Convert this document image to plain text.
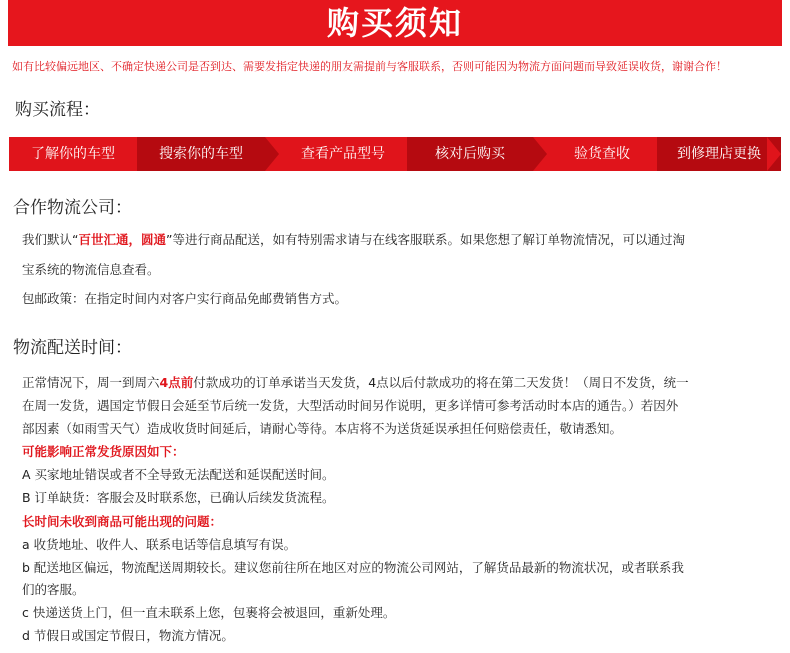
购买须知
如有比较偏远地区、不确定快递公司是否到达、需要发指定快递的朋友需提前与客服联系，否则可能因为物流方面问题而导致延误收货，谢谢合作！
购买流程：
了解你的车型	搜索你的车型	查看产品型号	核对后购买	验货查收	到修理店更换
合作物流公司：
我们默认“百世汇通，圆通”等进行商品配送，如有特别需求请与在线客服联系。如果您想了解订单物流情况，可以通过淘
宝系统的物流信息查看。
包邮政策：在指定时间内对客户实行商品免邮费销售方式。
物流配送时间：
正常情况下，周一到周六4点前付款成功的订单承诺当天发货，4点以后付款成功的将在第二天发货！（周日不发货，统一
在周一发货，遇国定节假日会延至节后统一发货，大型活动时间另作说明，更多详情可参考活动时本店的通告。）若因外
部因素（如雨雪天气）造成收货时间延后，请耐心等待。本店将不为送货延误承担任何赔偿责任，敬请悉知。
可能影响正常发货原因如下：
A 买家地址错误或者不全导致无法配送和延误配送时间。
B 订单缺货：客服会及时联系您，已确认后续发货流程。
长时间未收到商品可能出现的问题：
a 收货地址、收件人、联系电话等信息填写有误。
b 配送地区偏远，物流配送周期较长。建议您前往所在地区对应的物流公司网站，了解货品最新的物流状况，或者联系我
们的客服。
c 快递送货上门，但一直未联系上您，包裹将会被退回，重新处理。
d 节假日或国定节假日，物流方情况。
